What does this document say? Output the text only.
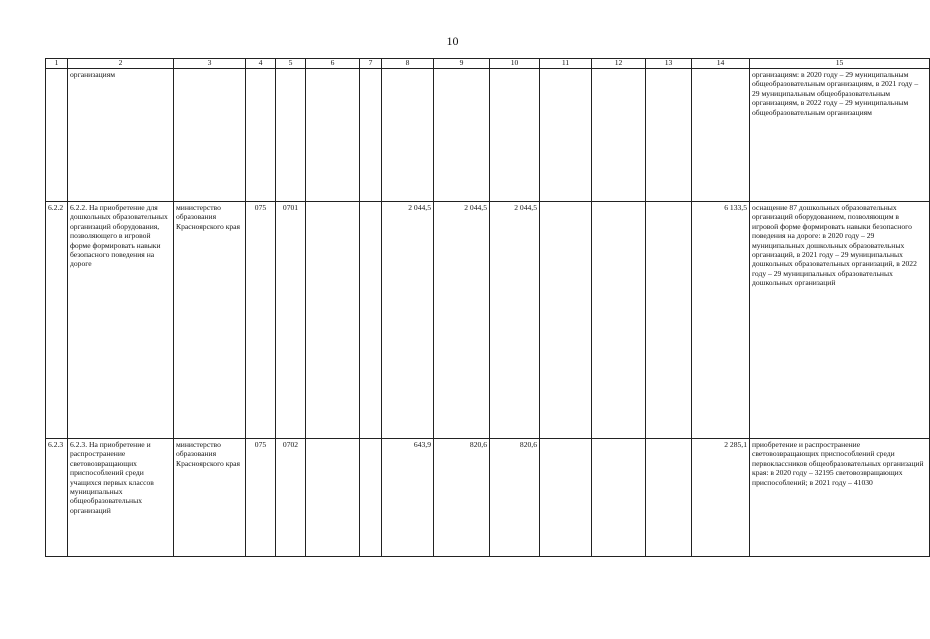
10
1	2	3	4	5	6	7	8	9	10	11	12	13	14	15
	организациям													организациям: в 2020 году – 29 муниципальным общеобразовательным организациям, в 2021 году – 29 муниципальным общеобразовательным организациям, в 2022 году – 29 муниципальным общеобразовательным организациям
6.2.2	6.2.2. На приобретение для дошкольных образовательных организаций оборудования, позволяющего в игровой форме формировать навыки безопасного поведения на дороге	министерство образования Красноярского края	075	0701			2 044,5	2 044,5	2 044,5				6 133,5	оснащение 87 дошкольных образовательных организаций оборудованием, позволяющим в игровой форме формировать навыки безопасного поведения на дороге: в 2020 году – 29 муниципальных дошкольных образовательных организаций, в 2021 году – 29 муниципальных дошкольных образовательных организаций, в 2022 году – 29 муниципальных образовательных дошкольных организаций
6.2.3	6.2.3. На приобретение и распространение световозвращающих приспособлений среди учащихся первых классов муниципальных общеобразовательных организаций	министерство образования Красноярского края	075	0702			643,9	820,6	820,6				2 285,1	приобретение и распространение световозвращающих приспособлений среди первоклассников общеобразовательных организаций края: в 2020 году – 32195 световозвращающих приспособлений; в 2021 году – 41030
